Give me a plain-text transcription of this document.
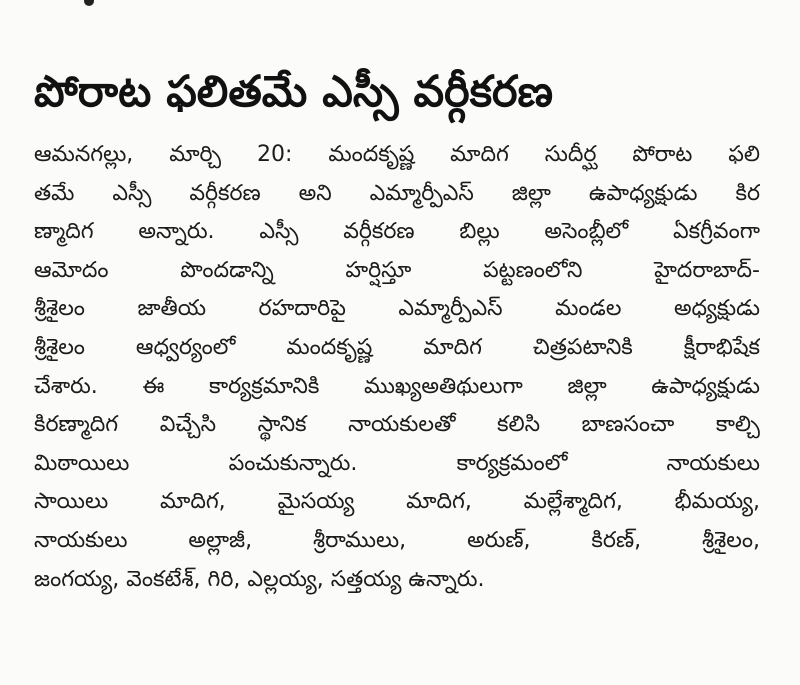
పోరాట ఫలితమే ఎస్సీ వర్గీకరణ
ఆమనగల్లు, మార్చి 20: మందకృష్ణ మాదిగ సుదీర్ఘ పోరాట ఫలి
తమే ఎస్సీ వర్గీకరణ అని ఎమ్మార్పీఎస్ జిల్లా ఉపాధ్యక్షుడు కిర
ణ్మాదిగ అన్నారు. ఎస్సీ వర్గీకరణ బిల్లు అసెంబ్లీలో ఏకగ్రీవంగా
ఆమోదం పొందడాన్ని హర్షిస్తూ పట్టణంలోని హైదరాబాద్-
శ్రీశైలం జాతీయ రహదారిపై ఎమ్మార్పీఎస్ మండల అధ్యక్షుడు
శ్రీశైలం ఆధ్వర్యంలో మందకృష్ణ మాదిగ చిత్రపటానికి క్షీరాభిషేక
చేశారు. ఈ కార్యక్రమానికి ముఖ్యఅతిథులుగా జిల్లా ఉపాధ్యక్షుడు
కిరణ్మాదిగ విచ్చేసి స్థానిక నాయకులతో కలిసి బాణసంచా కాల్చి
మిఠాయిలు పంచుకున్నారు. కార్యక్రమంలో నాయకులు
సాయిలు మాదిగ, మైసయ్య మాదిగ, మల్లేశ్మాదిగ, భీమయ్య,
నాయకులు అల్లాజీ, శ్రీరాములు, అరుణ్, కిరణ్, శ్రీశైలం,
జంగయ్య, వెంకటేశ్, గిరి, ఎల్లయ్య, సత్తయ్య ఉన్నారు.
